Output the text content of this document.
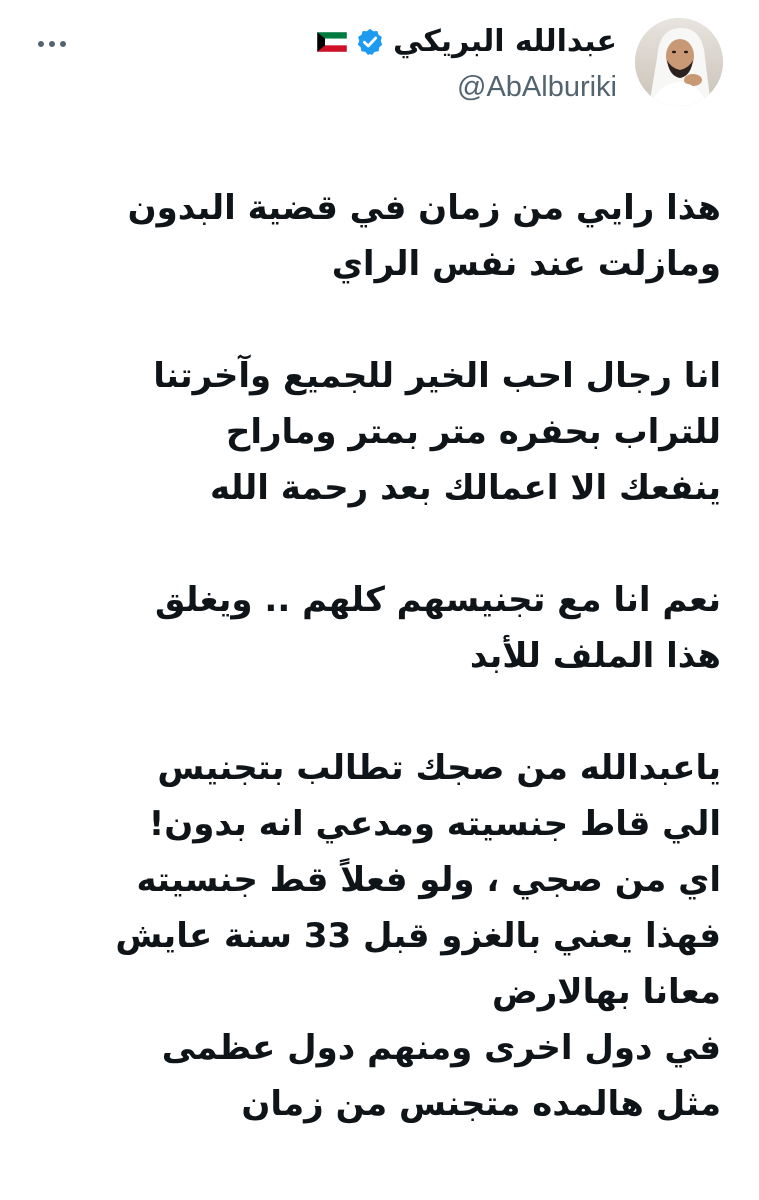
عبدالله البريكي
@AbAlburiki
هذا رايي من زمان في قضية البدون
ومازلت عند نفس الراي

انا رجال احب الخير للجميع وآخرتنا
للتراب بحفره متر بمتر وماراح
ينفعك الا اعمالك بعد رحمة الله

نعم انا مع تجنيسهم كلهم .. ويغلق
هذا الملف للأبد

ياعبدالله من صجك تطالب بتجنيس
الي قاط جنسيته ومدعي انه بدون!
اي من صجي ، ولو فعلاً قط جنسيته
فهذا يعني بالغزو قبل 33 سنة عايش
معانا بهالارض
في دول اخرى ومنهم دول عظمى
مثل هالمده متجنس من زمان
